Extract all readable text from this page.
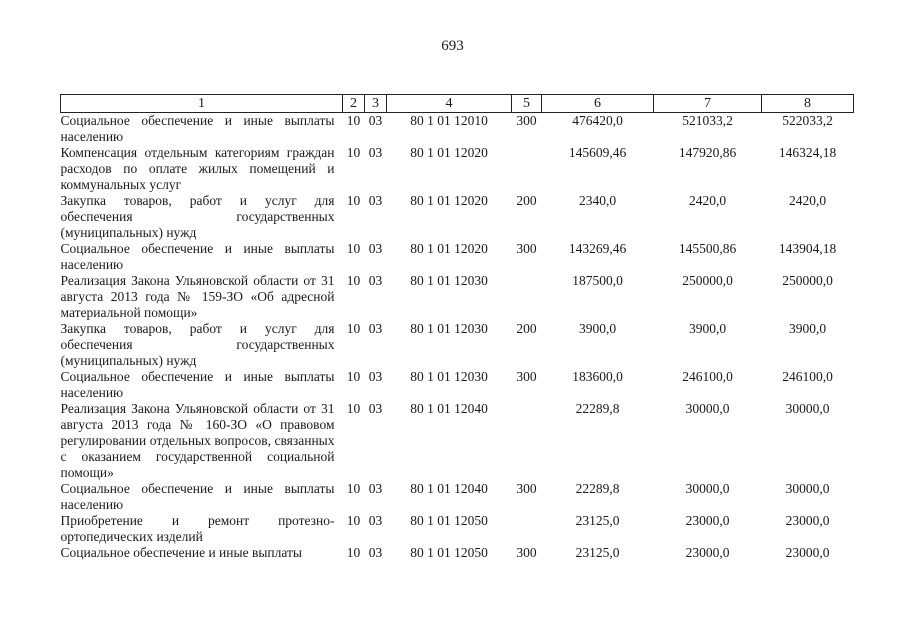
693
1	2	3	4	5	6	7	8
Социальное обеспечение и иные выплаты населению	10	03	80 1 01 12010	300	476420,0	521033,2	522033,2
Компенсация отдельным категориям граждан расходов по оплате жилых помещений и коммунальных услуг	10	03	80 1 01 12020		145609,46	147920,86	146324,18
Закупка товаров, работ и услуг для обеспечения государственных (муниципальных) нужд	10	03	80 1 01 12020	200	2340,0	2420,0	2420,0
Социальное обеспечение и иные выплаты населению	10	03	80 1 01 12020	300	143269,46	145500,86	143904,18
Реализация Закона Ульяновской области от 31 августа 2013 года № 159-ЗО «Об адресной материальной помощи»	10	03	80 1 01 12030		187500,0	250000,0	250000,0
Закупка товаров, работ и услуг для обеспечения государственных (муниципальных) нужд	10	03	80 1 01 12030	200	3900,0	3900,0	3900,0
Социальное обеспечение и иные выплаты населению	10	03	80 1 01 12030	300	183600,0	246100,0	246100,0
Реализация Закона Ульяновской области от 31 августа 2013 года № 160-ЗО «О правовом регулировании отдельных вопросов, связанных с оказанием государственной социальной помощи»	10	03	80 1 01 12040		22289,8	30000,0	30000,0
Социальное обеспечение и иные выплаты населению	10	03	80 1 01 12040	300	22289,8	30000,0	30000,0
Приобретение и ремонт протезно-ортопедических изделий	10	03	80 1 01 12050		23125,0	23000,0	23000,0
Социальное обеспечение и иные выплаты	10	03	80 1 01 12050	300	23125,0	23000,0	23000,0
